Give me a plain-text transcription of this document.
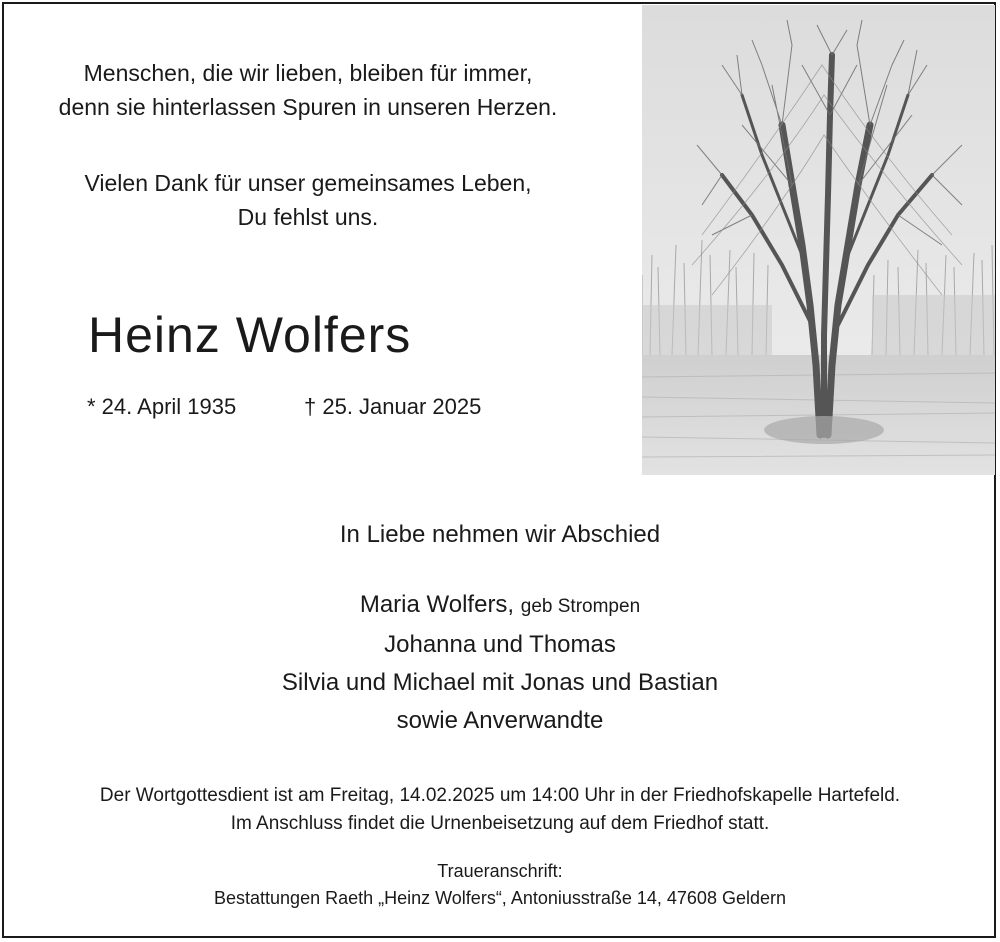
Menschen, die wir lieben, bleiben für immer,
denn sie hinterlassen Spuren in unseren Herzen.
Vielen Dank für unser gemeinsames Leben,
Du fehlst uns.
Heinz Wolfers
* 24. April 1935	† 25. Januar 2025
In Liebe nehmen wir Abschied
Maria Wolfers, geb Strompen
Johanna und Thomas
Silvia und Michael mit Jonas und Bastian
sowie Anverwandte
Der Wortgottesdient ist am Freitag, 14.02.2025 um 14:00 Uhr in der Friedhofskapelle Hartefeld.
Im Anschluss findet die Urnenbeisetzung auf dem Friedhof statt.
Traueranschrift:
Bestattungen Raeth „Heinz Wolfers“, Antoniusstraße 14, 47608 Geldern
